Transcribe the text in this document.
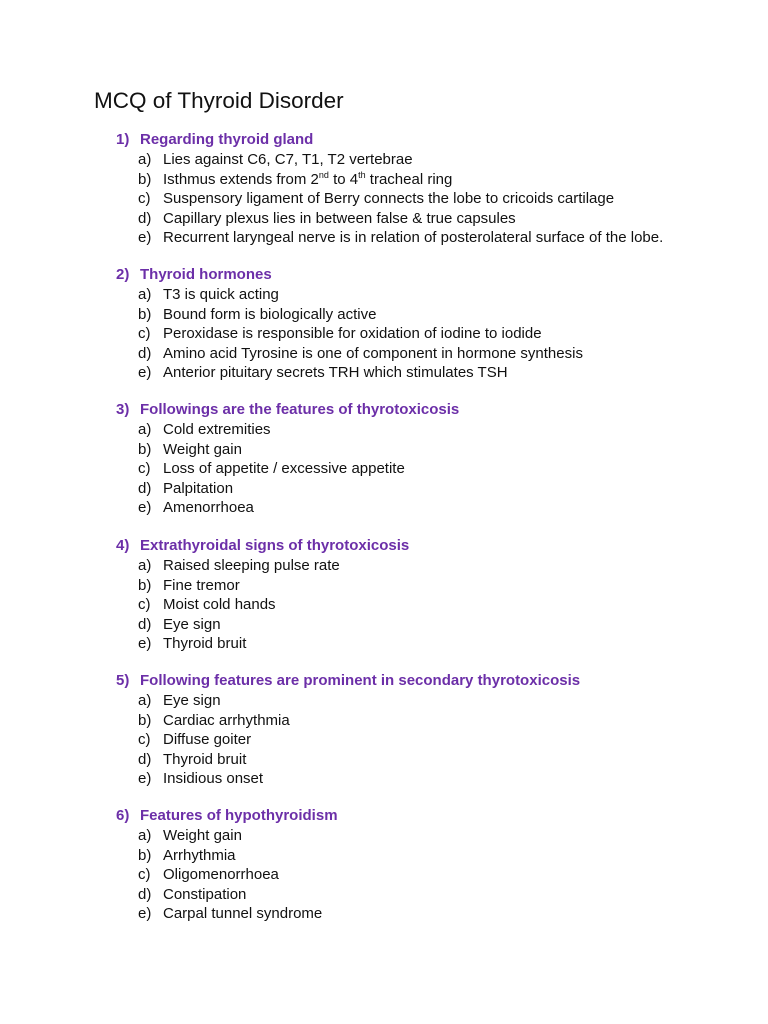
MCQ of Thyroid Disorder
1) Regarding thyroid gland
a) Lies against C6, C7, T1, T2 vertebrae
b) Isthmus extends from 2nd to 4th tracheal ring
c) Suspensory ligament of Berry connects the lobe to cricoids cartilage
d) Capillary plexus lies in between false & true capsules
e) Recurrent laryngeal nerve is in relation of posterolateral surface of the lobe.
2) Thyroid hormones
a) T3 is quick acting
b) Bound form is biologically active
c) Peroxidase is responsible for oxidation of iodine to iodide
d) Amino acid Tyrosine is one of component in hormone synthesis
e) Anterior pituitary secrets TRH which stimulates TSH
3) Followings are the features of thyrotoxicosis
a) Cold extremities
b) Weight gain
c) Loss of appetite / excessive appetite
d) Palpitation
e) Amenorrhoea
4) Extrathyroidal signs of thyrotoxicosis
a) Raised sleeping pulse rate
b) Fine tremor
c) Moist cold hands
d) Eye sign
e) Thyroid bruit
5) Following features are prominent in secondary thyrotoxicosis
a) Eye sign
b) Cardiac arrhythmia
c) Diffuse goiter
d) Thyroid bruit
e) Insidious onset
6) Features of hypothyroidism
a) Weight gain
b) Arrhythmia
c) Oligomenorrhoea
d) Constipation
e) Carpal tunnel syndrome
